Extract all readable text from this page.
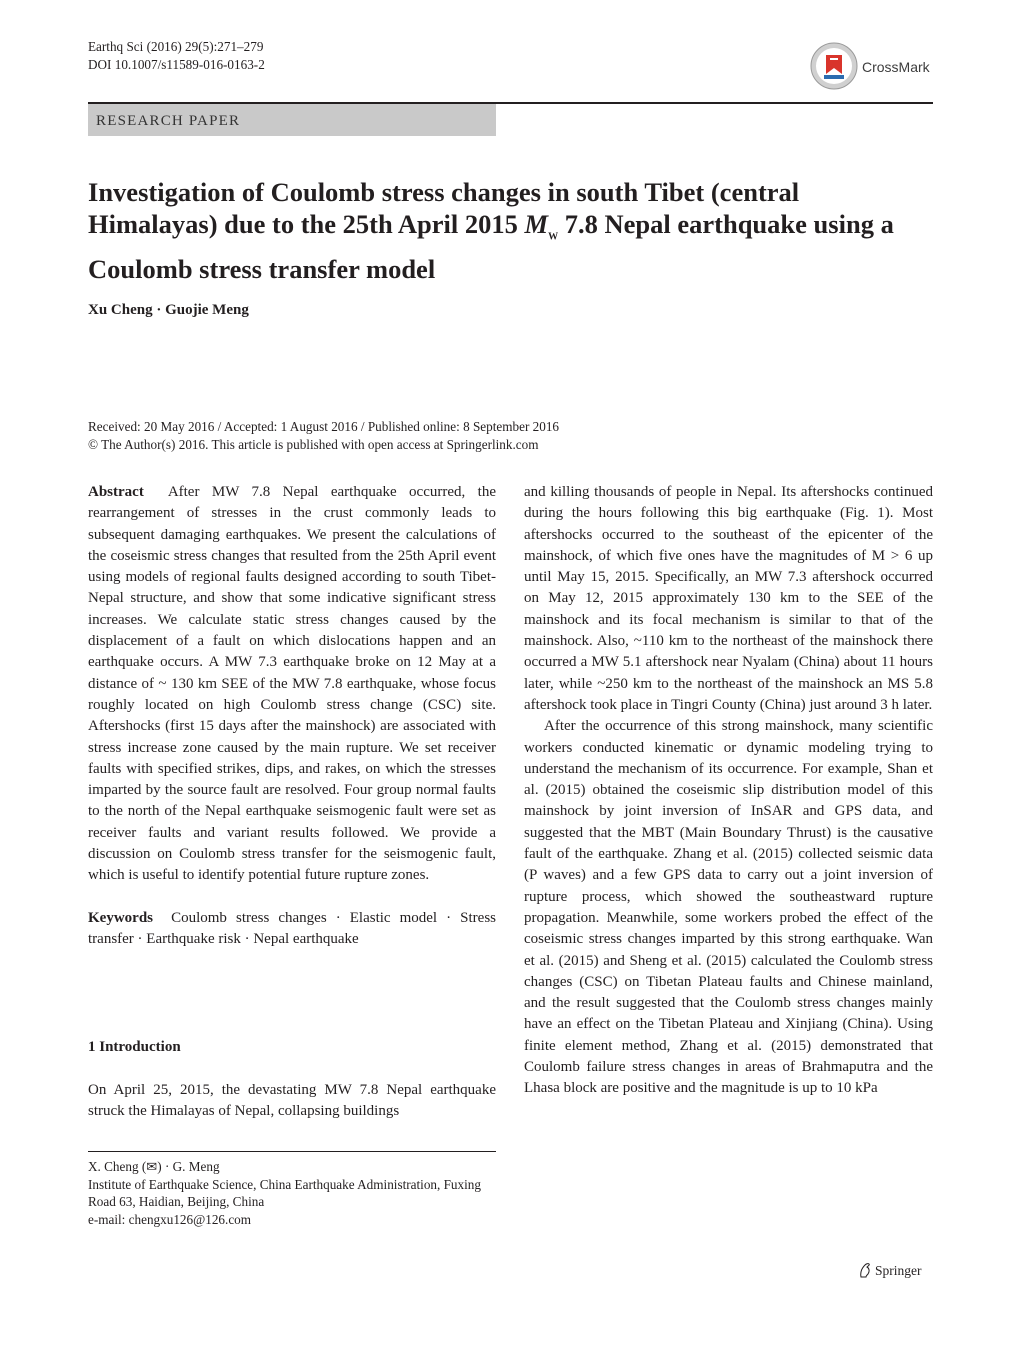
Earthq Sci (2016) 29(5):271–279
DOI 10.1007/s11589-016-0163-2	CrossMark
RESEARCH PAPER
Investigation of Coulomb stress changes in south Tibet (central Himalayas) due to the 25th April 2015 $M_W$ 7.8 Nepal earthquake using a Coulomb stress transfer model
Xu Cheng · Guojie Meng
Received: 20 May 2016 / Accepted: 1 August 2016 / Published online: 8 September 2016
© The Author(s) 2016. This article is published with open access at Springerlink.com

Abstract After MW 7.8 Nepal earthquake occurred, the rearrangement of stresses in the crust commonly leads to subsequent damaging earthquakes. We present the calculations of the coseismic stress changes that resulted from the 25th April event using models of regional faults designed according to south Tibet-Nepal structure, and show that some indicative significant stress increases. We calculate static stress changes caused by the displacement of a fault on which dislocations happen and an earthquake occurs. A MW 7.3 earthquake broke on 12 May at a distance of ~ 130 km SEE of the MW 7.8 earthquake, whose focus roughly located on high Coulomb stress change (CSC) site. Aftershocks (first 15 days after the mainshock) are associated with stress increase zone caused by the main rupture. We set receiver faults with specified strikes, dips, and rakes, on which the stresses imparted by the source fault are resolved. Four group normal faults to the north of the Nepal earthquake seismogenic fault were set as receiver faults and variant results followed. We provide a discussion on Coulomb stress transfer for the seismogenic fault, which is useful to identify potential future rupture zones.

Keywords Coulomb stress changes · Elastic model · Stress transfer · Earthquake risk · Nepal earthquake

1 Introduction
On April 25, 2015, the devastating MW 7.8 Nepal earthquake struck the Himalayas of Nepal, collapsing buildings
X. Cheng (✉) · G. Meng
Institute of Earthquake Science, China Earthquake Administration, Fuxing Road 63, Haidian, Beijing, China
e-mail: chengxu126@126.com

and killing thousands of people in Nepal. Its aftershocks continued during the hours following this big earthquake (Fig. 1). Most aftershocks occurred to the southeast of the epicenter of the mainshock, of which five ones have the magnitudes of M > 6 up until May 15, 2015. Specifically, an MW 7.3 aftershock occurred on May 12, 2015 approximately 130 km to the SEE of the mainshock and its focal mechanism is similar to that of the mainshock. Also, ~110 km to the northeast of the mainshock there occurred a MW 5.1 aftershock near Nyalam (China) about 11 hours later, while ~250 km to the northeast of the mainshock an MS 5.8 aftershock took place in Tingri County (China) just around 3 h later.

After the occurrence of this strong mainshock, many scientific workers conducted kinematic or dynamic modeling trying to understand the mechanism of its occurrence. For example, Shan et al. (2015) obtained the coseismic slip distribution model of this mainshock by joint inversion of InSAR and GPS data, and suggested that the MBT (Main Boundary Thrust) is the causative fault of the earthquake. Zhang et al. (2015) collected seismic data (P waves) and a few GPS data to carry out a joint inversion of rupture process, which showed the southeastward rupture propagation. Meanwhile, some workers probed the effect of the coseismic stress changes imparted by this strong earthquake. Wan et al. (2015) and Sheng et al. (2015) calculated the Coulomb stress changes (CSC) on Tibetan Plateau faults and Chinese mainland, and the result suggested that the Coulomb stress changes mainly have an effect on the Tibetan Plateau and Xinjiang (China). Using finite element method, Zhang et al. (2015) demonstrated that Coulomb failure stress changes in areas of Brahmaputra and the Lhasa block are positive and the magnitude is up to 10 kPa

Springer
